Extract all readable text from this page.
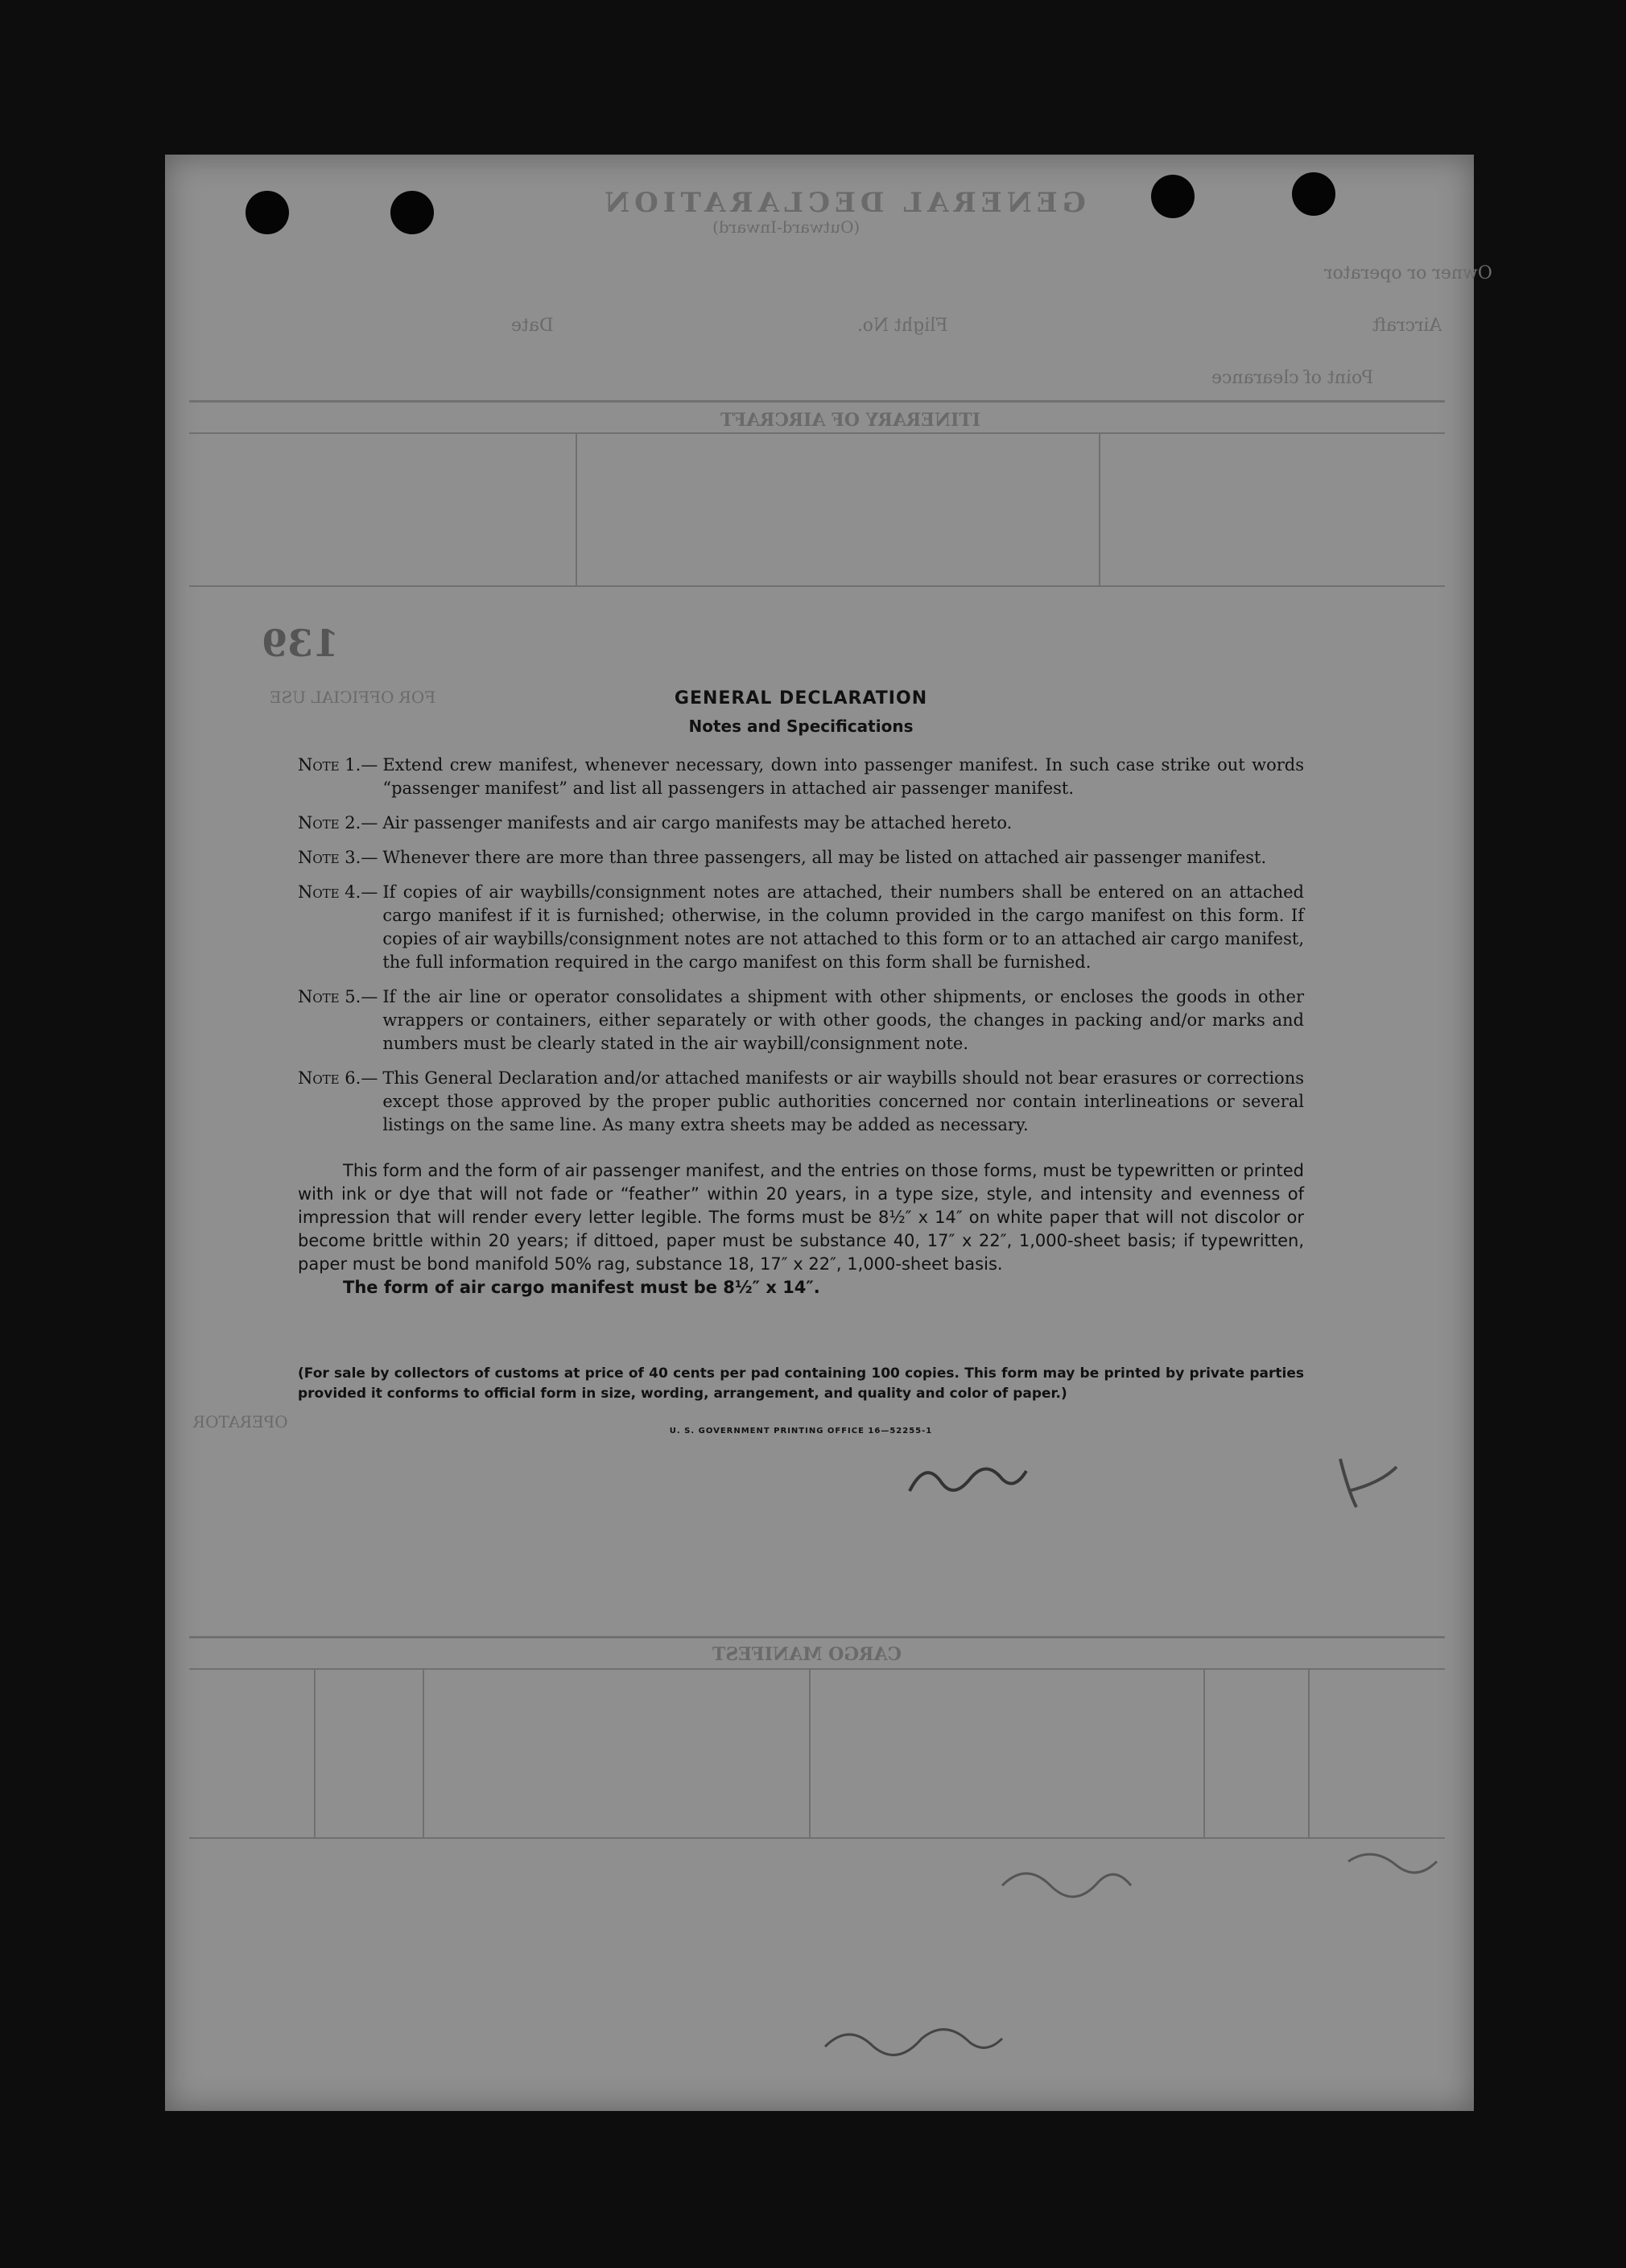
GENERAL DECLARATION
(Outward-Inward)
Owner or operator
Aircraft
Flight No.
Date
Point of clearance
ITINERARY OF AIRCRAFT
139
FOR OFFICIAL USE
OPERATOR
CARGO MANIFEST
GENERAL DECLARATION
Notes and Specifications
Note 1.— Extend crew manifest, whenever necessary, down into passenger manifest. In such case strike out words “passenger manifest” and list all passengers in attached air passenger manifest.
Note 2.— Air passenger manifests and air cargo manifests may be attached hereto.
Note 3.— Whenever there are more than three passengers, all may be listed on attached air passenger manifest.
Note 4.— If copies of air waybills/consignment notes are attached, their numbers shall be entered on an attached cargo manifest if it is furnished; otherwise, in the column provided in the cargo manifest on this form. If copies of air waybills/consignment notes are not attached to this form or to an attached air cargo manifest, the full information required in the cargo manifest on this form shall be furnished.
Note 5.— If the air line or operator consolidates a shipment with other shipments, or encloses the goods in other wrappers or containers, either separately or with other goods, the changes in packing and/or marks and numbers must be clearly stated in the air waybill/consignment note.
Note 6.— This General Declaration and/or attached manifests or air waybills should not bear erasures or corrections except those approved by the proper public authorities concerned nor contain interlineations or several listings on the same line. As many extra sheets may be added as necessary.

This form and the form of air passenger manifest, and the entries on those forms, must be typewritten or printed with ink or dye that will not fade or “feather” within 20 years, in a type size, style, and intensity and evenness of impression that will render every letter legible. The forms must be 8½″ x 14″ on white paper that will not discolor or become brittle within 20 years; if dittoed, paper must be substance 40, 17″ x 22″, 1,000-sheet basis; if typewritten, paper must be bond manifold 50% rag, substance 18, 17″ x 22″, 1,000-sheet basis.

The form of air cargo manifest must be 8½″ x 14″.

(For sale by collectors of customs at price of 40 cents per pad containing 100 copies. This form may be printed by private parties provided it conforms to official form in size, wording, arrangement, and quality and color of paper.)

U. S. GOVERNMENT PRINTING OFFICE 16—52255-1
